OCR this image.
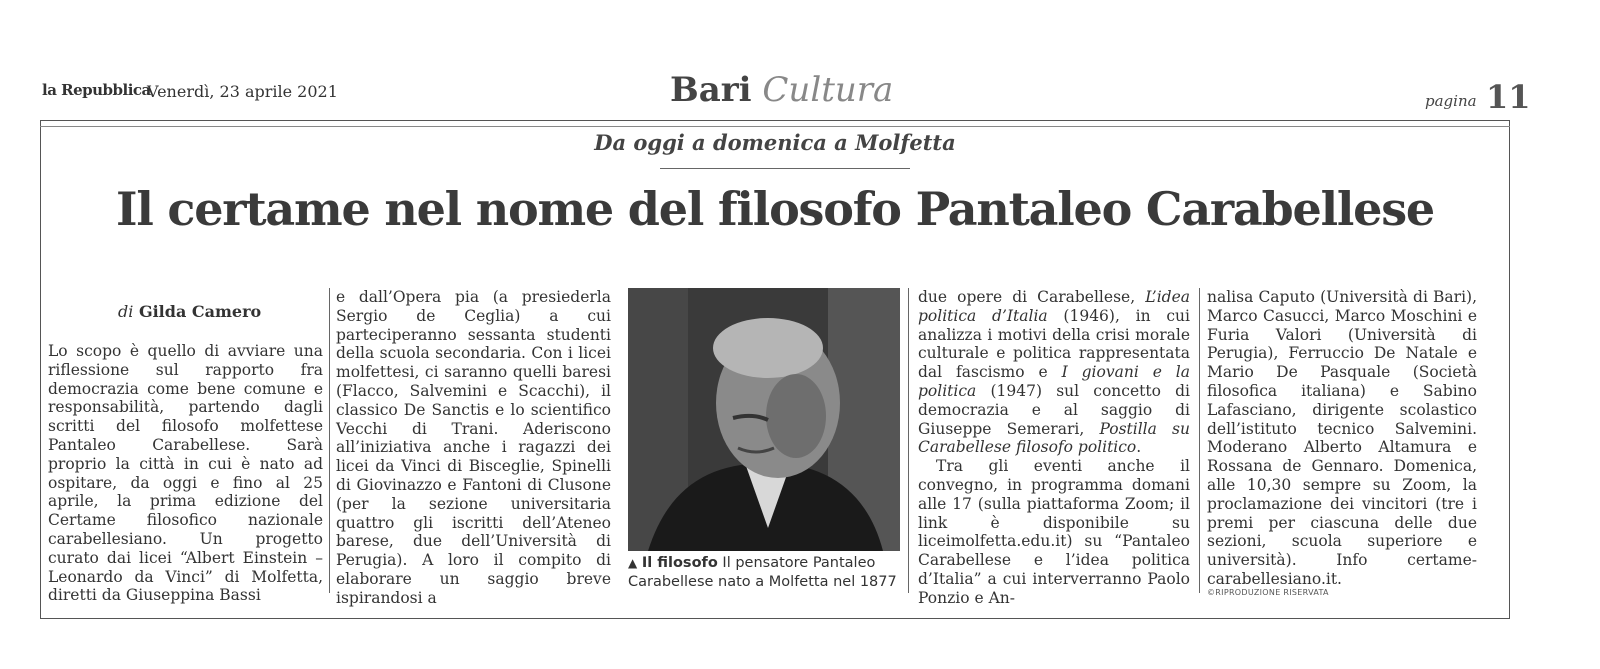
la Repubblica
Venerdì, 23 aprile 2021	Bari Cultura	pagina 11
Da oggi a domenica a Molfetta
Il certame nel nome del filosofo Pantaleo Carabellese
di Gilda Camero

Lo scopo è quello di avviare una riflessione sul rapporto fra democrazia come bene comune e responsabilità, partendo dagli scritti del filosofo molfettese Pantaleo Carabellese. Sarà proprio la città in cui è nato ad ospitare, da oggi e fino al 25 aprile, la prima edizione del Certame filosofico nazionale carabellesiano. Un progetto curato dai licei “Albert Einstein – Leonardo da Vinci” di Molfetta, diretti da Giuseppina Bassi

e dall’Opera pia (a presiederla Sergio de Ceglia) a cui parteciperanno sessanta studenti della scuola secondaria. Con i licei molfettesi, ci saranno quelli baresi (Flacco, Salvemini e Scacchi), il classico De Sanctis e lo scientifico Vecchi di Trani. Aderiscono all’iniziativa anche i ragazzi dei licei da Vinci di Bisceglie, Spinelli di Giovinazzo e Fantoni di Clusone (per la sezione universitaria quattro gli iscritti dell’Ateneo barese, due dell’Università di Perugia). A loro il compito di elaborare un saggio breve ispirandosi a

▲ Il filosofo Il pensatore Pantaleo Carabellese nato a Molfetta nel 1877

due opere di Carabellese, L’idea politica d’Italia (1946), in cui analizza i motivi della crisi morale culturale e politica rappresentata dal fascismo e I giovani e la politica (1947) sul concetto di democrazia e al saggio di Giuseppe Semerari, Postilla su Carabellese filosofo politico.

Tra gli eventi anche il convegno, in programma domani alle 17 (sulla piattaforma Zoom; il link è disponibile su liceimolfetta.edu.it) su “Pantaleo Carabellese e l’idea politica d’Italia” a cui interverranno Paolo Ponzio e An-

nalisa Caputo (Università di Bari), Marco Casucci, Marco Moschini e Furia Valori (Università di Perugia), Ferruccio De Natale e Mario De Pasquale (Società filosofica italiana) e Sabino Lafasciano, dirigente scolastico dell’istituto tecnico Salvemini. Moderano Alberto Altamura e Rossana de Gennaro. Domenica, alle 10,30 sempre su Zoom, la proclamazione dei vincitori (tre i premi per ciascuna delle due sezioni, scuola superiore e università). Info certame-carabellesiano.it.

©RIPRODUZIONE RISERVATA
